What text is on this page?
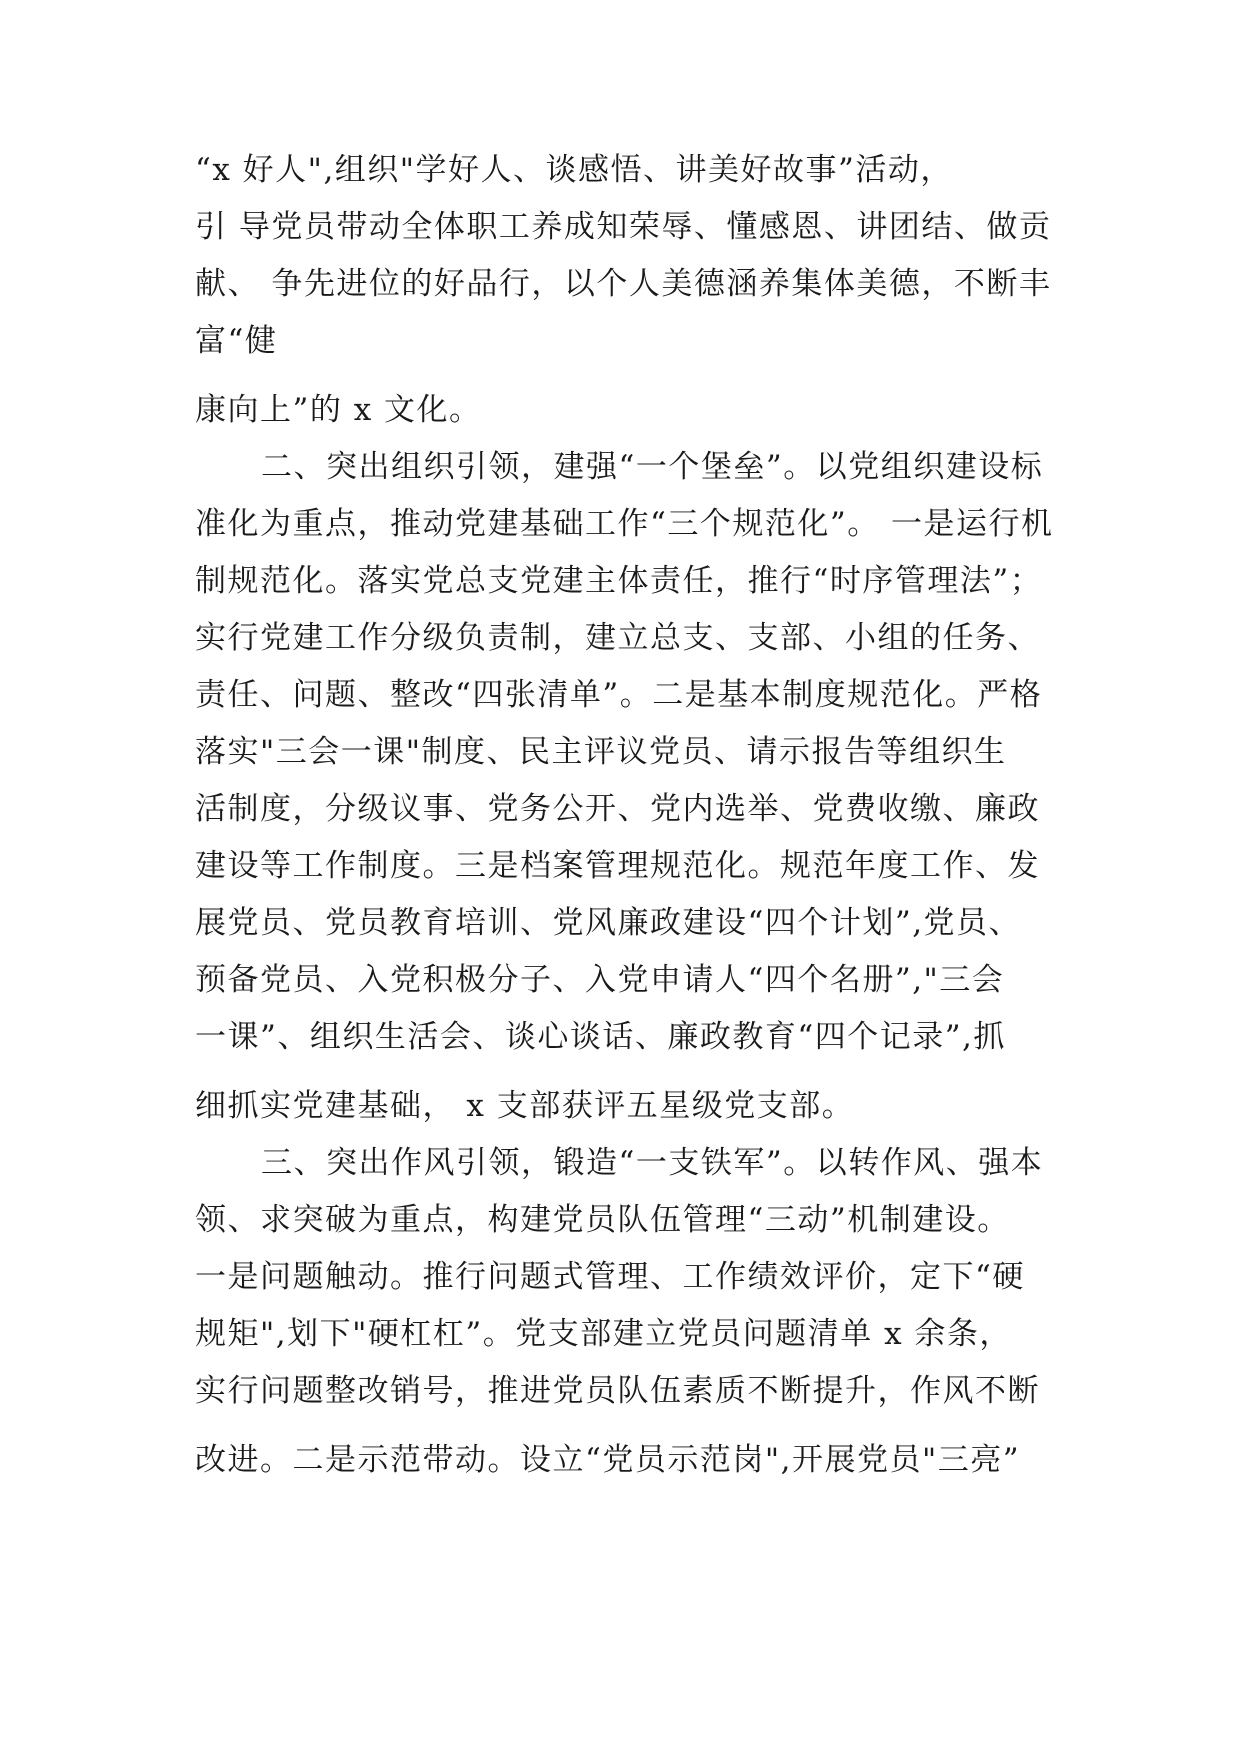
“x 好人",组织"学好人、谈感悟、讲美好故事”活动，
引 导党员带动全体职工养成知荣辱、懂感恩、讲团结、做贡
献、 争先进位的好品行，以个人美德涵养集体美德，不断丰
富“健
康向上”的 x 文化。
二、突出组织引领，建强“一个堡垒”。以党组织建设标
准化为重点，推动党建基础工作“三个规范化”。 一是运行机
制规范化。落实党总支党建主体责任，推行“时序管理法”；
实行党建工作分级负责制，建立总支、支部、小组的任务、
责任、问题、整改“四张清单”。二是基本制度规范化。严格
落实"三会一课"制度、民主评议党员、请示报告等组织生
活制度，分级议事、党务公开、党内选举、党费收缴、廉政
建设等工作制度。三是档案管理规范化。规范年度工作、发
展党员、党员教育培训、党风廉政建设“四个计划”,党员、
预备党员、入党积极分子、入党申请人“四个名册”,"三会
一课”、组织生活会、谈心谈话、廉政教育“四个记录”,抓
细抓实党建基础， x 支部获评五星级党支部。
三、突出作风引领，锻造“一支铁军”。以转作风、强本
领、求突破为重点，构建党员队伍管理“三动”机制建设。
一是问题触动。推行问题式管理、工作绩效评价，定下“硬
规矩",划下"硬杠杠”。党支部建立党员问题清单 x 余条，
实行问题整改销号，推进党员队伍素质不断提升，作风不断
改进。二是示范带动。设立“党员示范岗",开展党员"三亮”
